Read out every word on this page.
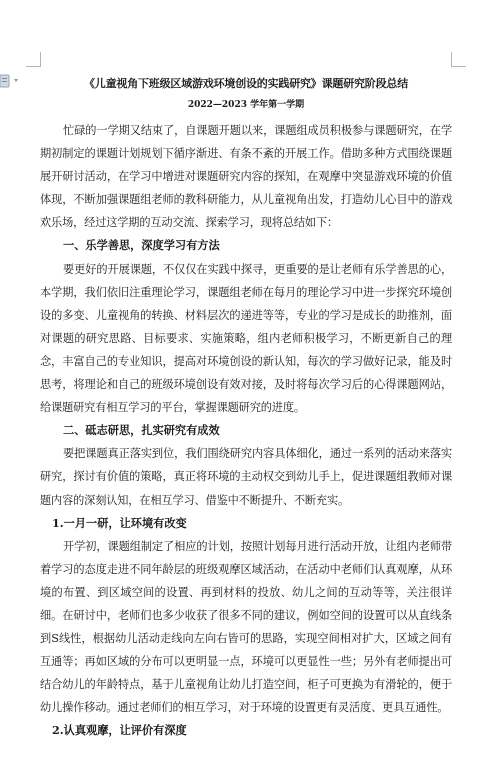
《儿童视角下班级区域游戏环境创设的实践研究》课题研究阶段总结
2022—2023 学年第一学期

忙碌的一学期又结束了，自课题开题以来，课题组成员积极参与课题研究，在学期初制定的课题计划规划下循序渐进、有条不紊的开展工作。借助多种方式围绕课题展开研讨活动，在学习中增进对课题研究内容的探知，在观摩中突显游戏环境的价值体现，不断加强课题组老师的教科研能力，从儿童视角出发，打造幼儿心目中的游戏欢乐场，经过这学期的互动交流、探索学习，现将总结如下：

一、乐学善思，深度学习有方法

要更好的开展课题，不仅仅在实践中探寻，更重要的是让老师有乐学善思的心，本学期，我们依旧注重理论学习，课题组老师在每月的理论学习中进一步探究环境创设的多变、儿童视角的转换、材料层次的递进等等，专业的学习是成长的助推剂，面对课题的研究思路、目标要求、实施策略，组内老师积极学习，不断更新自己的理念，丰富自己的专业知识，提高对环境创设的新认知，每次的学习做好记录，能及时思考，将理论和自己的班级环境创设有效对接，及时将每次学习后的心得课题网站，给课题研究有相互学习的平台，掌握课题研究的进度。

二、砥志研思，扎实研究有成效

要把课题真正落实到位，我们围绕研究内容具体细化，通过一系列的活动来落实研究，探讨有价值的策略，真正将环境的主动权交到幼儿手上，促进课题组教师对课题内容的深刻认知，在相互学习、借鉴中不断提升、不断充实。

1.一月一研，让环境有改变

开学初，课题组制定了相应的计划，按照计划每月进行活动开放，让组内老师带着学习的态度走进不同年龄层的班级观摩区域活动，在活动中老师们认真观摩，从环境的布置、到区域空间的设置、再到材料的投放、幼儿之间的互动等等，关注很详细。在研讨中，老师们也多少收获了很多不同的建议，例如空间的设置可以从直线条到S线性，根据幼儿活动走线向左向右皆可的思路，实现空间相对扩大，区域之间有互通等；再如区域的分布可以更明显一点，环境可以更显性一些；另外有老师提出可结合幼儿的年龄特点，基于儿童视角让幼儿打造空间，柜子可更换为有滑轮的，便于幼儿操作移动。通过老师们的相互学习，对于环境的设置更有灵活度、更具互通性。

2.认真观摩，让评价有深度
